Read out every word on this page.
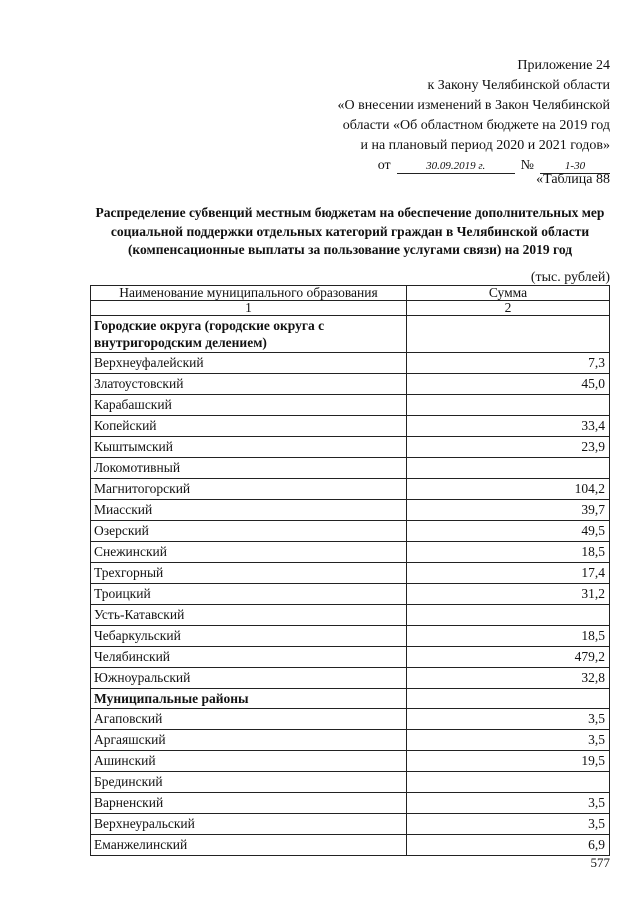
Приложение 24
к Закону Челябинской области
«О внесении изменений в Закон Челябинской
области «Об областном бюджете на 2019 год
и на плановый период 2020 и 2021 годов»
от	30.09.2019 г.	№	1-30
«Таблица 88
Распределение субвенций местным бюджетам на обеспечение дополнительных мер социальной поддержки отдельных категорий граждан в Челябинской области (компенсационные выплаты за пользование услугами связи) на 2019 год
(тыс. рублей)
Наименование муниципального образования	Сумма
1	2
Городские округа (городские округа с внутригородским делением)	
Верхнеуфалейский	7,3
Златоустовский	45,0
Карабашский	
Копейский	33,4
Кыштымский	23,9
Локомотивный	
Магнитогорский	104,2
Миасский	39,7
Озерский	49,5
Снежинский	18,5
Трехгорный	17,4
Троицкий	31,2
Усть-Катавский	
Чебаркульский	18,5
Челябинский	479,2
Южноуральский	32,8
Муниципальные районы	
Агаповский	3,5
Аргаяшский	3,5
Ашинский	19,5
Брединский	
Варненский	3,5
Верхнеуральский	3,5
Еманжелинский	6,9
577
